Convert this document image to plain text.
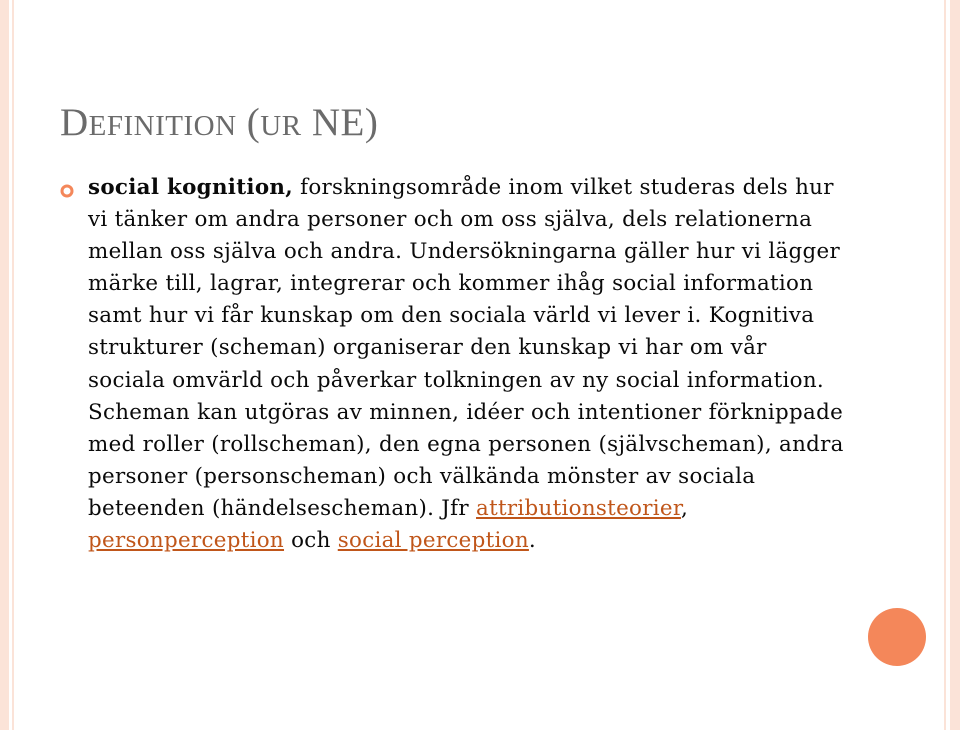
DEFINITION (UR NE)

social kognition, forskningsområde inom vilket studeras dels hur vi tänker om andra personer och om oss själva, dels relationerna mellan oss själva och andra. Undersökningarna gäller hur vi lägger märke till, lagrar, integrerar och kommer ihåg social information samt hur vi får kunskap om den sociala värld vi lever i. Kognitiva strukturer (scheman) organiserar den kunskap vi har om vår sociala omvärld och påverkar tolkningen av ny social information. Scheman kan utgöras av minnen, idéer och intentioner förknippade med roller (rollscheman), den egna personen (självscheman), andra personer (personscheman) och välkända mönster av sociala beteenden (händelsescheman). Jfr attributionsteorier, personperception och social perception.
